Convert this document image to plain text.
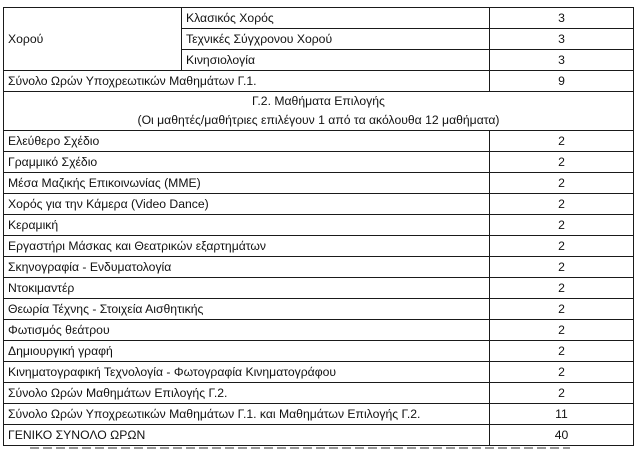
Χορού	Κλασικός Χορός	3
	Τεχνικές Σύγχρονου Χορού	3
	Κινησιολογία	3
Σύνολο Ωρών Υποχρεωτικών Μαθημάτων Γ.1.		9

Γ.2. Μαθήματα Επιλογής
(Οι μαθητές/μαθήτριες επιλέγουν 1 από τα ακόλουθα 12 μαθήματα)		

Ελεύθερο Σχέδιο		2
Γραμμικό Σχέδιο		2
Μέσα Μαζικής Επικοινωνίας (ΜΜΕ)		2
Χορός για την Κάμερα (Video Dance)		2
Κεραμική		2
Εργαστήρι Μάσκας και Θεατρικών εξαρτημάτων		2
Σκηνογραφία - Ενδυματολογία		2
Ντοκιμαντέρ		2
Θεωρία Τέχνης - Στοιχεία Αισθητικής		2
Φωτισμός θεάτρου		2
Δημιουργική γραφή		2
Κινηματογραφική Τεχνολογία - Φωτογραφία Κινηματογράφου		2
Σύνολο Ωρών Μαθημάτων Επιλογής Γ.2.		2
Σύνολο Ωρών Υποχρεωτικών Μαθημάτων Γ.1. και Μαθημάτων Επιλογής Γ.2.		11
ΓΕΝΙΚΟ ΣΥΝΟΛΟ ΩΡΩΝ		40
